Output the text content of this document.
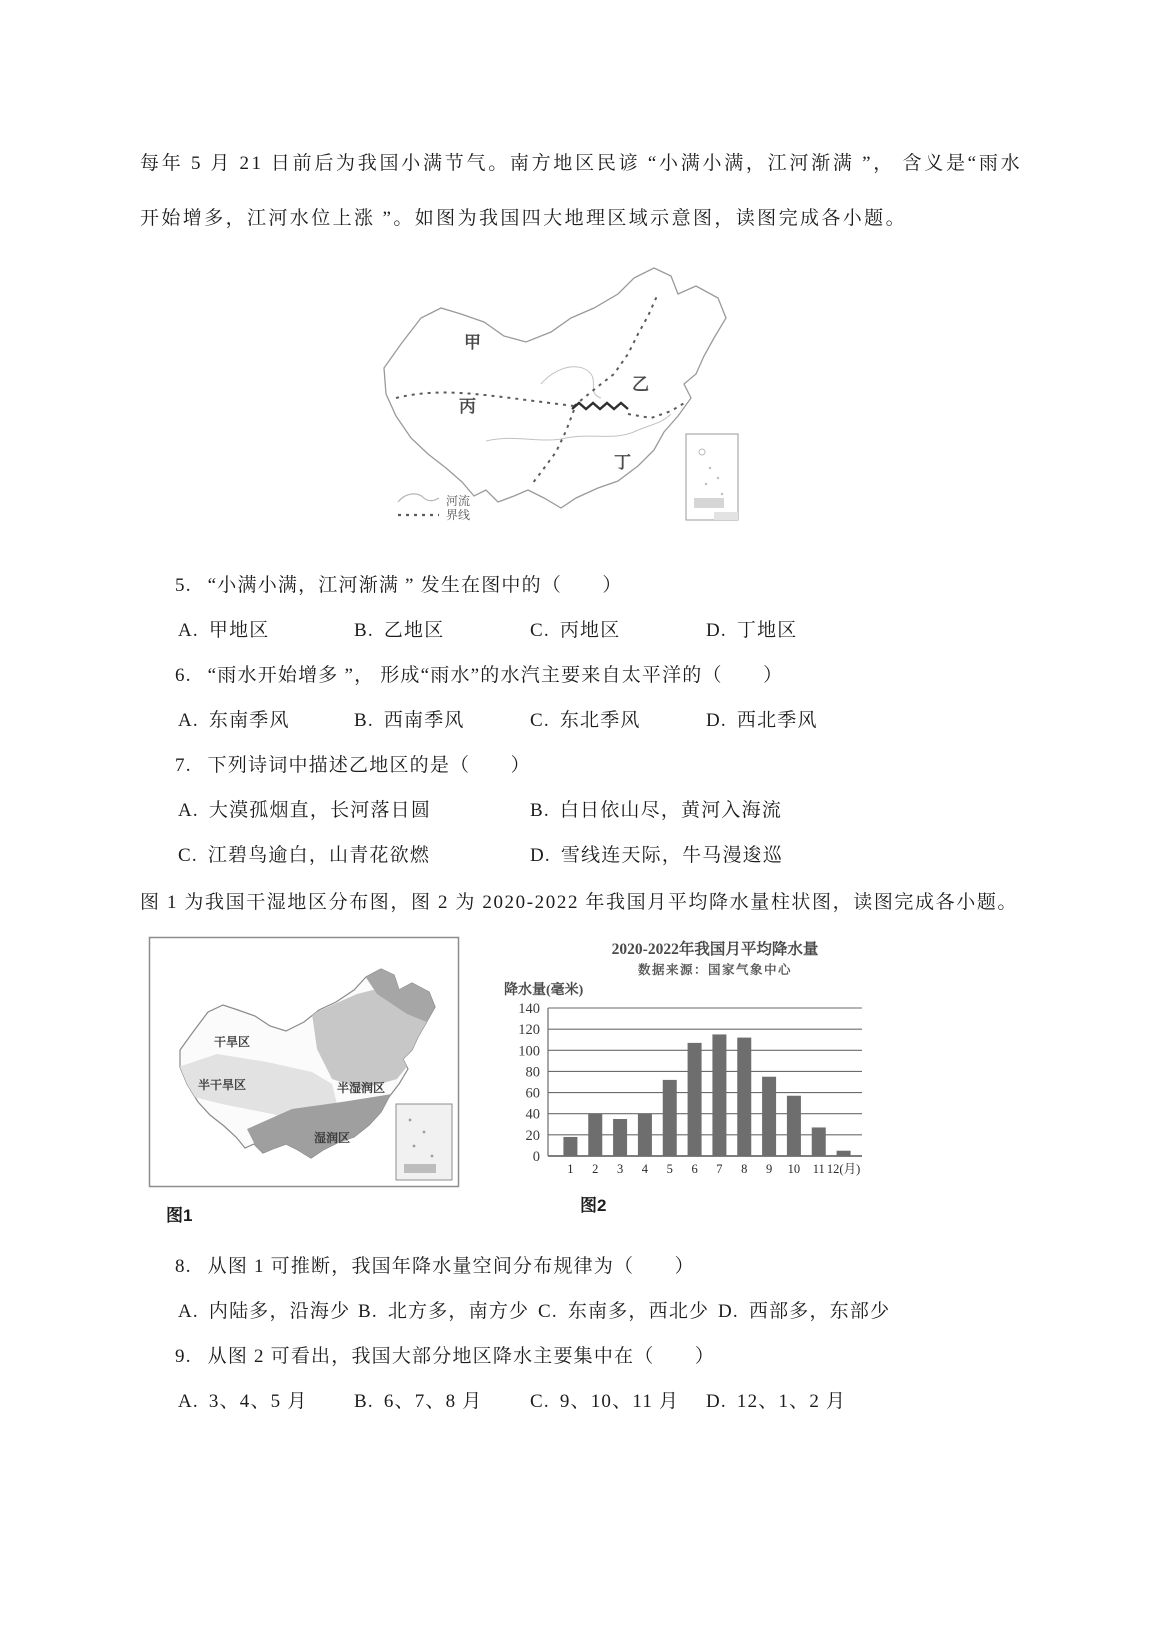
每年 5 月 21 日前后为我国小满节气。南方地区民谚 “小满小满，江河渐满 ”， 含义是“雨水开始增多，江河水位上涨 ”。如图为我国四大地理区域示意图，读图完成各小题。

甲
乙
丙
丁
河流
界线
5. “小满小满，江河渐满 ” 发生在图中的（　　）
A. 甲地区	B. 乙地区	C. 丙地区	D. 丁地区
6. “雨水开始增多 ”， 形成“雨水”的水汽主要来自太平洋的（　　）
A. 东南季风	B. 西南季风	C. 东北季风	D. 西北季风
7. 下列诗词中描述乙地区的是（　　）
A. 大漠孤烟直，长河落日圆	B. 白日依山尽，黄河入海流
C. 江碧鸟逾白，山青花欲燃	D. 雪线连天际，牛马漫逡巡

图 1 为我国干湿地区分布图，图 2 为 2020-2022 年我国月平均降水量柱状图，读图完成各小题。

干旱区
半干旱区	半湿润区
湿润区
图1
2020-2022年我国月平均降水量
数据来源：国家气象中心
降水量(毫米)
0
20
40
60
80
100
120
140
1 2 3 4 5 6 7 8 9 10 11 12(月)
图2
8. 从图 1 可推断，我国年降水量空间分布规律为（　　）
A. 内陆多，沿海少 B. 北方多，南方少 C. 东南多，西北少 D. 西部多，东部少
9. 从图 2 可看出，我国大部分地区降水主要集中在（　　）
A. 3、4、5 月	B. 6、7、8 月	C. 9、10、11 月	D. 12、1、2 月
